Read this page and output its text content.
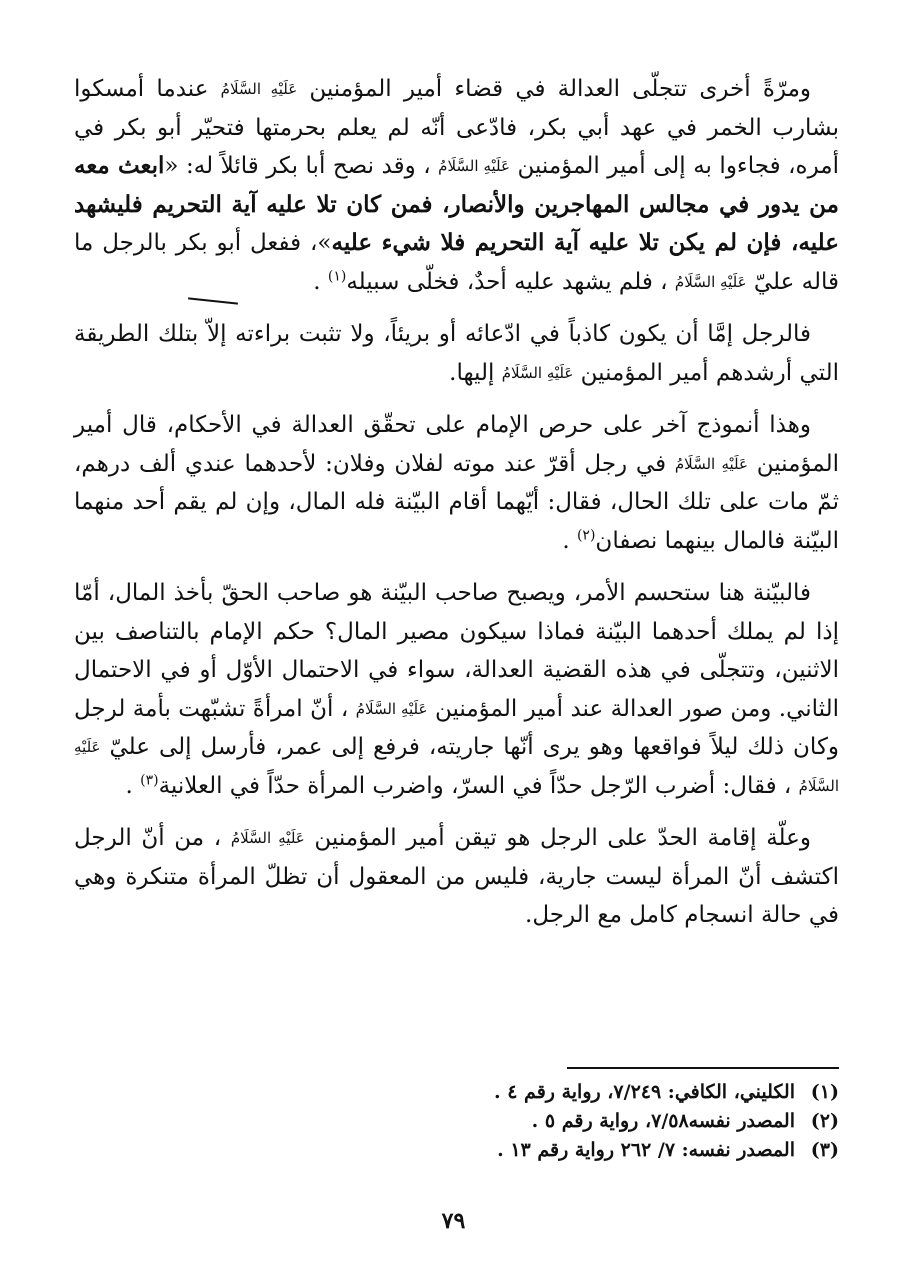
ومرّةً أخرى تتجلّى العدالة في قضاء أمير المؤمنين عَلَيْهِ السَّلَامُ عندما أمسكوا بشارب الخمر في عهد أبي بكر، فادّعى أنّه لم يعلم بحرمتها فتحيّر أبو بكر في أمره، فجاءوا به إلى أمير المؤمنين عَلَيْهِ السَّلَامُ ، وقد نصح أبا بكر قائلاً له: «ابعث معه من يدور في مجالس المهاجرين والأنصار، فمن كان تلا عليه آية التحريم فليشهد عليه، فإن لم يكن تلا عليه آية التحريم فلا شيء عليه»، ففعل أبو بكر بالرجل ما قاله عليّ عَلَيْهِ السَّلَامُ ، فلم يشهد عليه أحدٌ، فخلّى سبيله$^{(١)}$ .

فالرجل إمَّا أن يكون كاذباً في ادّعائه أو بريئاً، ولا تثبت براءته إلاّ بتلك الطريقة التي أرشدهم أمير المؤمنين عَلَيْهِ السَّلَامُ إليها.

وهذا أنموذج آخر على حرص الإمام على تحقّق العدالة في الأحكام، قال أمير المؤمنين عَلَيْهِ السَّلَامُ في رجل أقرّ عند موته لفلان وفلان: لأحدهما عندي ألف درهم، ثمّ مات على تلك الحال، فقال: أيّهما أقام البيّنة فله المال، وإن لم يقم أحد منهما البيّنة فالمال بينهما نصفان$^{(٢)}$ .

فالبيّنة هنا ستحسم الأمر، ويصبح صاحب البيّنة هو صاحب الحقّ بأخذ المال، أمّا إذا لم يملك أحدهما البيّنة فماذا سيكون مصير المال؟ حكم الإمام بالتناصف بين الاثنين، وتتجلّى في هذه القضية العدالة، سواء في الاحتمال الأوّل أو في الاحتمال الثاني. ومن صور العدالة عند أمير المؤمنين عَلَيْهِ السَّلَامُ ، أنّ امرأةً تشبّهت بأمة لرجل وكان ذلك ليلاً فواقعها وهو يرى أنّها جاريته، فرفع إلى عمر، فأرسل إلى عليّ عَلَيْهِ السَّلَامُ ، فقال: أضرب الرّجل حدّاً في السرّ، واضرب المرأة حدّاً في العلانية$^{(٣)}$ .

وعلّة إقامة الحدّ على الرجل هو تيقن أمير المؤمنين عَلَيْهِ السَّلَامُ ، من أنّ الرجل اكتشف أنّ المرأة ليست جارية، فليس من المعقول أن تظلّ المرأة متنكرة وهي في حالة انسجام كامل مع الرجل.

(١)
الكليني، الكافي: ٧/٢٤٩، رواية رقم ٤ .
(٢)
المصدر نفسه٧/٥٨، رواية رقم ٥ .
(٣)
المصدر نفسه: ٧/ ٢٦٢ رواية رقم ١٣ .
٧٩
